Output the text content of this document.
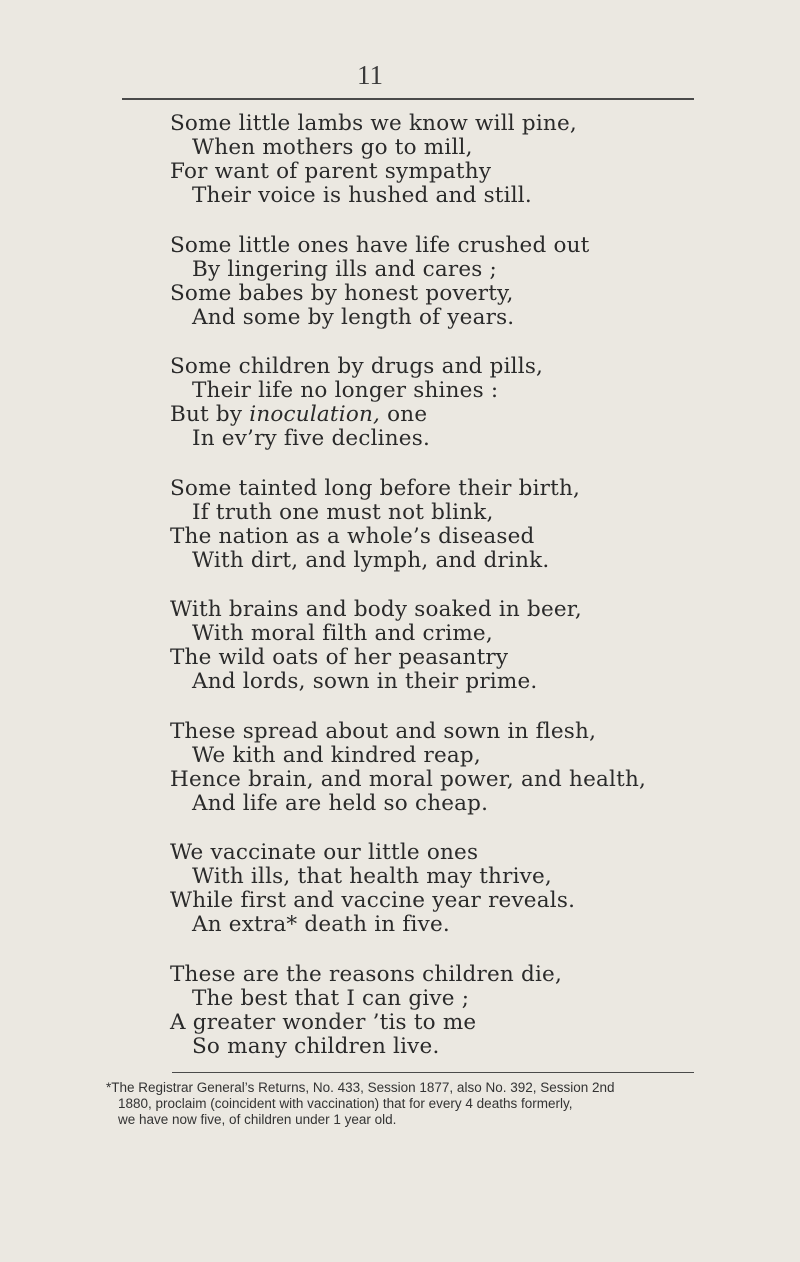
11
Some little lambs we know will pine,
When mothers go to mill,
For want of parent sympathy
Their voice is hushed and still.
Some little ones have life crushed out
By lingering ills and cares ;
Some babes by honest poverty,
And some by length of years.
Some children by drugs and pills,
Their life no longer shines :
But by inoculation, one
In ev’ry five declines.
Some tainted long before their birth,
If truth one must not blink,
The nation as a whole’s diseased
With dirt, and lymph, and drink.
With brains and body soaked in beer,
With moral filth and crime,
The wild oats of her peasantry
And lords, sown in their prime.
These spread about and sown in flesh,
We kith and kindred reap,
Hence brain, and moral power, and health,
And life are held so cheap.
We vaccinate our little ones
With ills, that health may thrive,
While first and vaccine year reveals.
An extra* death in five.
These are the reasons children die,
The best that I can give ;
A greater wonder ’tis to me
So many children live.
*The Registrar General’s Returns, No. 433, Session 1877, also No. 392, Session 2nd
1880, proclaim (coincident with vaccination) that for every 4 deaths formerly,
we have now five, of children under 1 year old.
